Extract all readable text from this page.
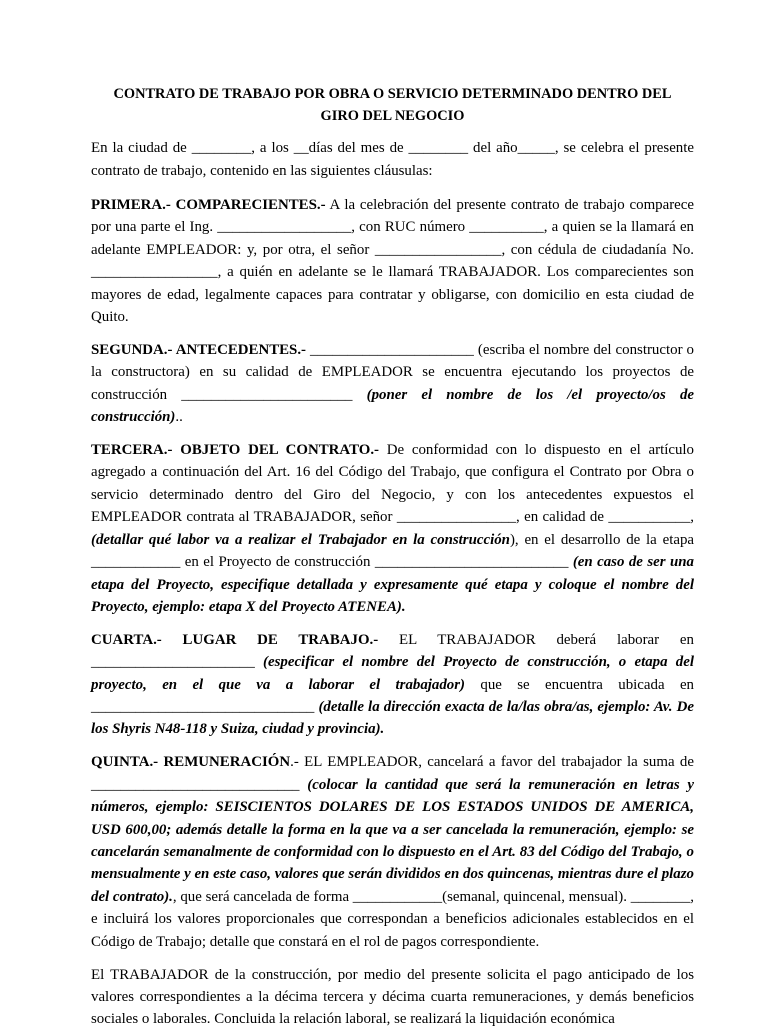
CONTRATO DE TRABAJO POR OBRA O SERVICIO DETERMINADO DENTRO DEL GIRO DEL NEGOCIO

En la ciudad de ________, a los __días del mes de ________ del año_____, se celebra el presente contrato de trabajo, contenido en las siguientes cláusulas:

PRIMERA.- COMPARECIENTES.- A la celebración del presente contrato de trabajo comparece por una parte el Ing. __________________, con RUC número __________, a quien se la llamará en adelante EMPLEADOR: y, por otra, el señor _________________, con cédula de ciudadanía No. _________________, a quién en adelante se le llamará TRABAJADOR. Los comparecientes son mayores de edad, legalmente capaces para contratar y obligarse, con domicilio en esta ciudad de Quito.

SEGUNDA.- ANTECEDENTES.- ______________________ (escriba el nombre del constructor o la constructora) en su calidad de EMPLEADOR se encuentra ejecutando los proyectos de construcción _______________________ (poner el nombre de los /el proyecto/os de construcción)..

TERCERA.- OBJETO DEL CONTRATO.- De conformidad con lo dispuesto en el artículo agregado a continuación del Art. 16 del Código del Trabajo, que configura el Contrato por Obra o servicio determinado dentro del Giro del Negocio, y con los antecedentes expuestos el EMPLEADOR contrata al TRABAJADOR, señor ________________, en calidad de ___________, (detallar qué labor va a realizar el Trabajador en la construcción), en el desarrollo de la etapa ____________ en el Proyecto de construcción __________________________ (en caso de ser una etapa del Proyecto, especifique detallada y expresamente qué etapa y coloque el nombre del Proyecto, ejemplo: etapa X del Proyecto ATENEA).

CUARTA.- LUGAR DE TRABAJO.- EL TRABAJADOR deberá laborar en ______________________ (especificar el nombre del Proyecto de construcción, o etapa del proyecto, en el que va a laborar el trabajador) que se encuentra ubicada en ______________________________ (detalle la dirección exacta de la/las obra/as, ejemplo: Av. De los Shyris N48-118 y Suiza, ciudad y provincia).

QUINTA.- REMUNERACIÓN.- EL EMPLEADOR, cancelará a favor del trabajador la suma de ____________________________ (colocar la cantidad que será la remuneración en letras y números, ejemplo: SEISCIENTOS DOLARES DE LOS ESTADOS UNIDOS DE AMERICA, USD 600,00; además detalle la forma en la que va a ser cancelada la remuneración, ejemplo: se cancelarán semanalmente de conformidad con lo dispuesto en el Art. 83 del Código del Trabajo, o mensualmente y en este caso, valores que serán divididos en dos quincenas, mientras dure el plazo del contrato)., que será cancelada de forma ____________(semanal, quincenal, mensual). ________, e incluirá los valores proporcionales que correspondan a beneficios adicionales establecidos en el Código de Trabajo; detalle que constará en el rol de pagos correspondiente.

El TRABAJADOR de la construcción, por medio del presente solicita el pago anticipado de los valores correspondientes a la décima tercera y décima cuarta remuneraciones, y demás beneficios sociales o laborales. Concluida la relación laboral, se realizará la liquidación económica
